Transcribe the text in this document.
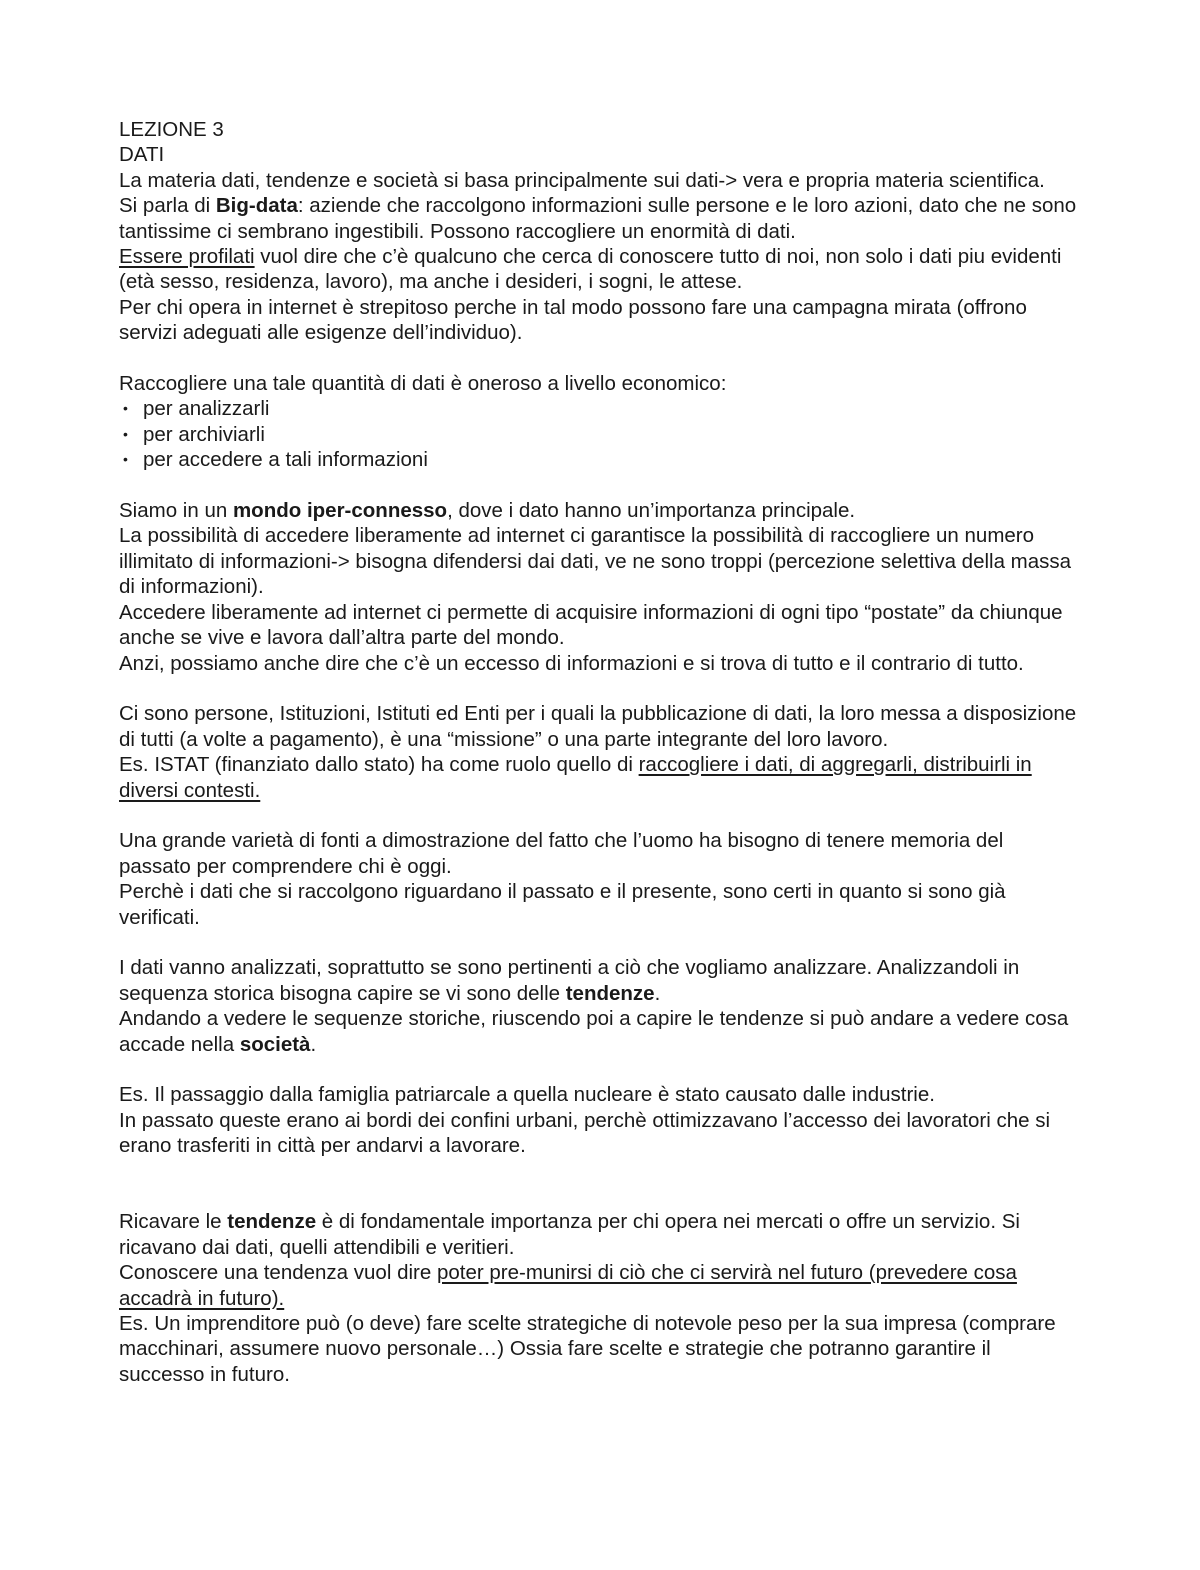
LEZIONE 3

DATI

La materia dati, tendenze e società si basa principalmente sui dati-> vera e propria materia scientifica.

Si parla di Big-data: aziende che raccolgono informazioni sulle persone e le loro azioni, dato che ne sono tantissime ci sembrano ingestibili. Possono raccogliere un enormità di dati.

Essere profilati vuol dire che c’è qualcuno che cerca di conoscere tutto di noi, non solo i dati piu evidenti (età sesso, residenza, lavoro), ma anche i desideri, i sogni, le attese.

Per chi opera in internet è strepitoso perche in tal modo possono fare una campagna mirata (offrono servizi adeguati alle esigenze dell’individuo).

Raccogliere una tale quantità di dati è oneroso a livello economico:

• per analizzarli
• per archiviarli
• per accedere a tali informazioni

Siamo in un mondo iper-connesso, dove i dato hanno un’importanza principale.

La possibilità di accedere liberamente ad internet ci garantisce la possibilità di raccogliere un numero illimitato di informazioni-> bisogna difendersi dai dati, ve ne sono troppi (percezione selettiva della massa di informazioni).

Accedere liberamente ad internet ci permette di acquisire informazioni di ogni tipo “postate” da chiunque anche se vive e lavora dall’altra parte del mondo.

Anzi, possiamo anche dire che c’è un eccesso di informazioni e si trova di tutto e il contrario di tutto.

Ci sono persone, Istituzioni, Istituti ed Enti per i quali la pubblicazione di dati, la loro messa a disposizione di tutti (a volte a pagamento), è una “missione” o una parte integrante del loro lavoro.

Es. ISTAT (finanziato dallo stato) ha come ruolo quello di raccogliere i dati, di aggregarli, distribuirli in diversi contesti.

Una grande varietà di fonti a dimostrazione del fatto che l’uomo ha bisogno di tenere memoria del passato per comprendere chi è oggi.

Perchè i dati che si raccolgono riguardano il passato e il presente, sono certi in quanto si sono già verificati.

I dati vanno analizzati, soprattutto se sono pertinenti a ciò che vogliamo analizzare. Analizzandoli in sequenza storica bisogna capire se vi sono delle tendenze.

Andando a vedere le sequenze storiche, riuscendo poi a capire le tendenze si può andare a vedere cosa accade nella società.

Es. Il passaggio dalla famiglia patriarcale a quella nucleare è stato causato dalle industrie.

In passato queste erano ai bordi dei confini urbani, perchè ottimizzavano l’accesso dei lavoratori che si erano trasferiti in città per andarvi a lavorare.

Ricavare le tendenze è di fondamentale importanza per chi opera nei mercati o offre un servizio. Si ricavano dai dati, quelli attendibili e veritieri.

Conoscere una tendenza vuol dire poter pre-munirsi di ciò che ci servirà nel futuro (prevedere cosa accadrà in futuro).

Es. Un imprenditore può (o deve) fare scelte strategiche di notevole peso per la sua impresa (comprare macchinari, assumere nuovo personale…) Ossia fare scelte e strategie che potranno garantire il successo in futuro.
